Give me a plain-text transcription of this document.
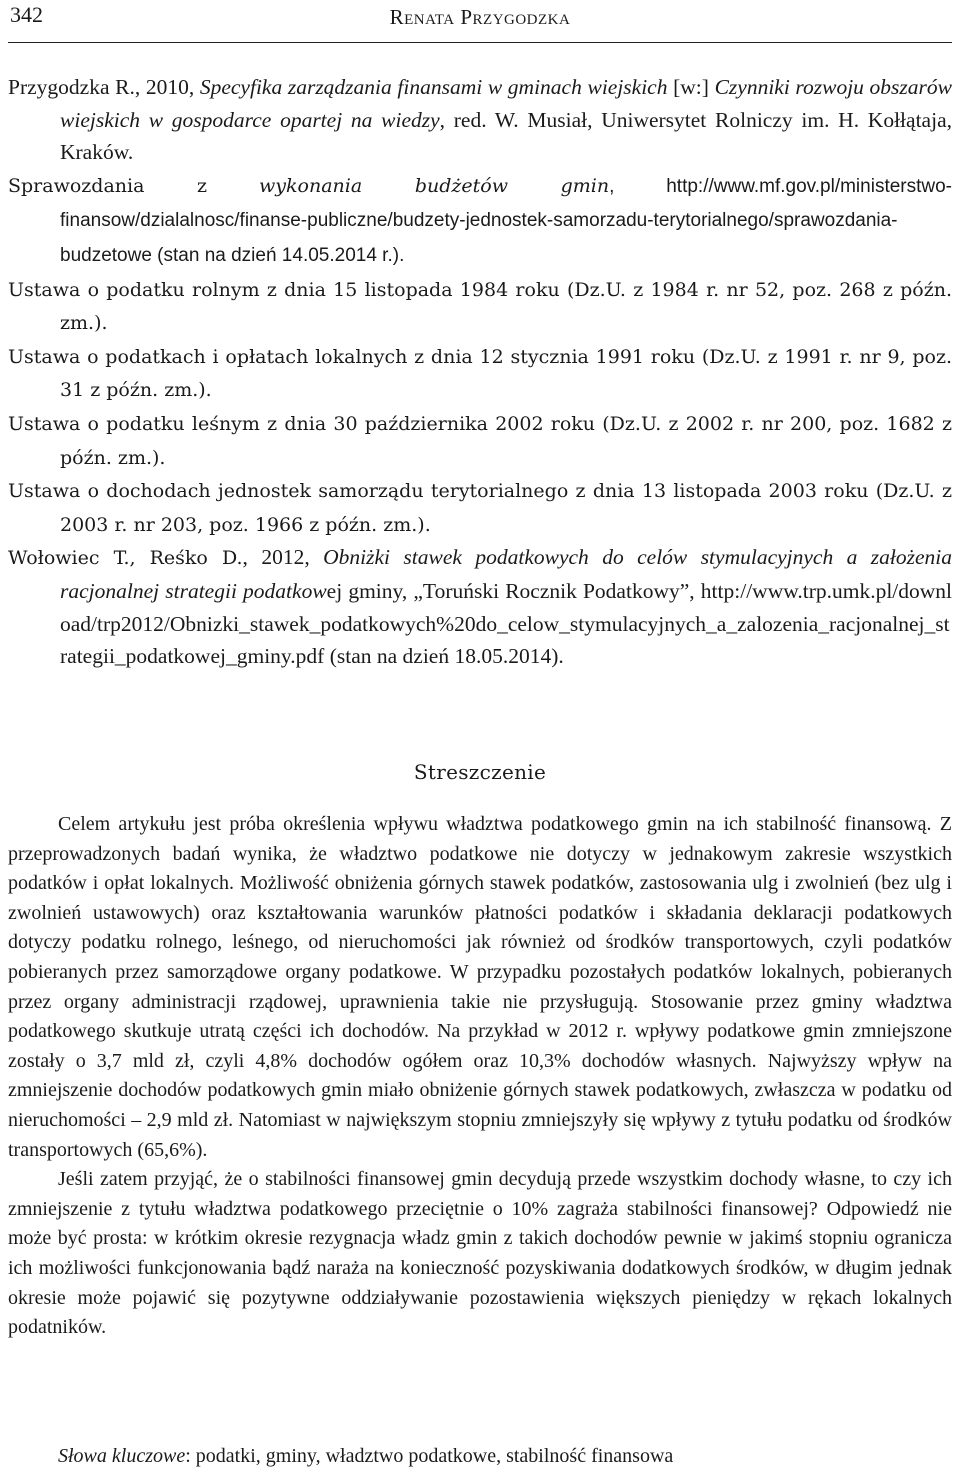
342	Renata Przygodzka

Przygodzka R., 2010, Specyfika zarządzania finansami w gminach wiejskich [w:] Czynniki rozwoju obszarów wiejskich w gospodarce opartej na wiedzy, red. W. Musiał, Uniwersytet Rolniczy im. H. Kołłątaja, Kraków.

Sprawozdania z	wykonania budżetów gmin, http://www.mf.gov.pl/ministerstwo-finansow/dzialalnosc/finanse-publiczne/budzety-jednostek-samorzadu-terytorialnego/sprawozdania-budzetowe (stan na dzień 14.05.2014 r.).

Ustawa o podatku rolnym z dnia 15 listopada 1984 roku (Dz.U. z 1984 r. nr 52, poz. 268 z późn. zm.).

Ustawa o podatkach i opłatach lokalnych z dnia 12 stycznia 1991 roku (Dz.U. z 1991 r. nr 9, poz. 31 z późn. zm.).

Ustawa o podatku leśnym z dnia 30 października 2002 roku (Dz.U. z 2002 r. nr 200, poz. 1682 z późn. zm.).

Ustawa o dochodach jednostek samorządu terytorialnego z dnia 13 listopada 2003 roku (Dz.U. z 2003 r. nr 203, poz. 1966 z późn. zm.).

Wołowiec T., Reśko D., 2012, Obniżki stawek podatkowych do celów stymulacyjnych a założenia racjonalnej strategii podatkowej gminy, „Toruński Rocznik Podatkowy”, http://www.trp.umk.pl/download/trp2012/Obnizki_stawek_podatkowych%20do_celow_stymulacyjnych_a_zalozenia_racjonalnej_strategii_podatkowej_gminy.pdf (stan na dzień 18.05.2014).

Streszczenie

Celem artykułu jest próba określenia wpływu władztwa podatkowego gmin na ich stabilność finansową. Z przeprowadzonych badań wynika, że władztwo podatkowe nie dotyczy w jednakowym zakresie wszystkich podatków i opłat lokalnych. Możliwość obniżenia górnych stawek podatków, zastosowania ulg i zwolnień (bez ulg i zwolnień ustawowych) oraz kształtowania warunków płatności podatków i składania deklaracji podatkowych dotyczy podatku rolnego, leśnego, od nieruchomości jak również od środków transportowych, czyli podatków pobieranych przez samorządowe organy podatkowe. W przypadku pozostałych podatków lokalnych, pobieranych przez organy administracji rządowej, uprawnienia takie nie przysługują. Stosowanie przez gminy władztwa podatkowego skutkuje utratą części ich dochodów. Na przykład w 2012 r. wpływy podatkowe gmin zmniejszone zostały o 3,7 mld zł, czyli 4,8% dochodów ogółem oraz 10,3% dochodów własnych. Najwyższy wpływ na zmniejszenie dochodów podatkowych gmin miało obniżenie górnych stawek podatkowych, zwłaszcza w podatku od nieruchomości – 2,9 mld zł. Natomiast w największym stopniu zmniejszyły się wpływy z tytułu podatku od środków transportowych (65,6%).

Jeśli zatem przyjąć, że o stabilności finansowej gmin decydują przede wszystkim dochody własne, to czy ich zmniejszenie z tytułu władztwa podatkowego przeciętnie o 10% zagraża stabilności finansowej? Odpowiedź nie może być prosta: w krótkim okresie rezygnacja władz gmin z takich dochodów pewnie w jakimś stopniu ogranicza ich możliwości funkcjonowania bądź naraża na konieczność pozyskiwania dodatkowych środków, w długim jednak okresie może pojawić się pozytywne oddziaływanie pozostawienia większych pieniędzy w rękach lokalnych podatników.

Słowa kluczowe: podatki, gminy, władztwo podatkowe, stabilność finansowa
